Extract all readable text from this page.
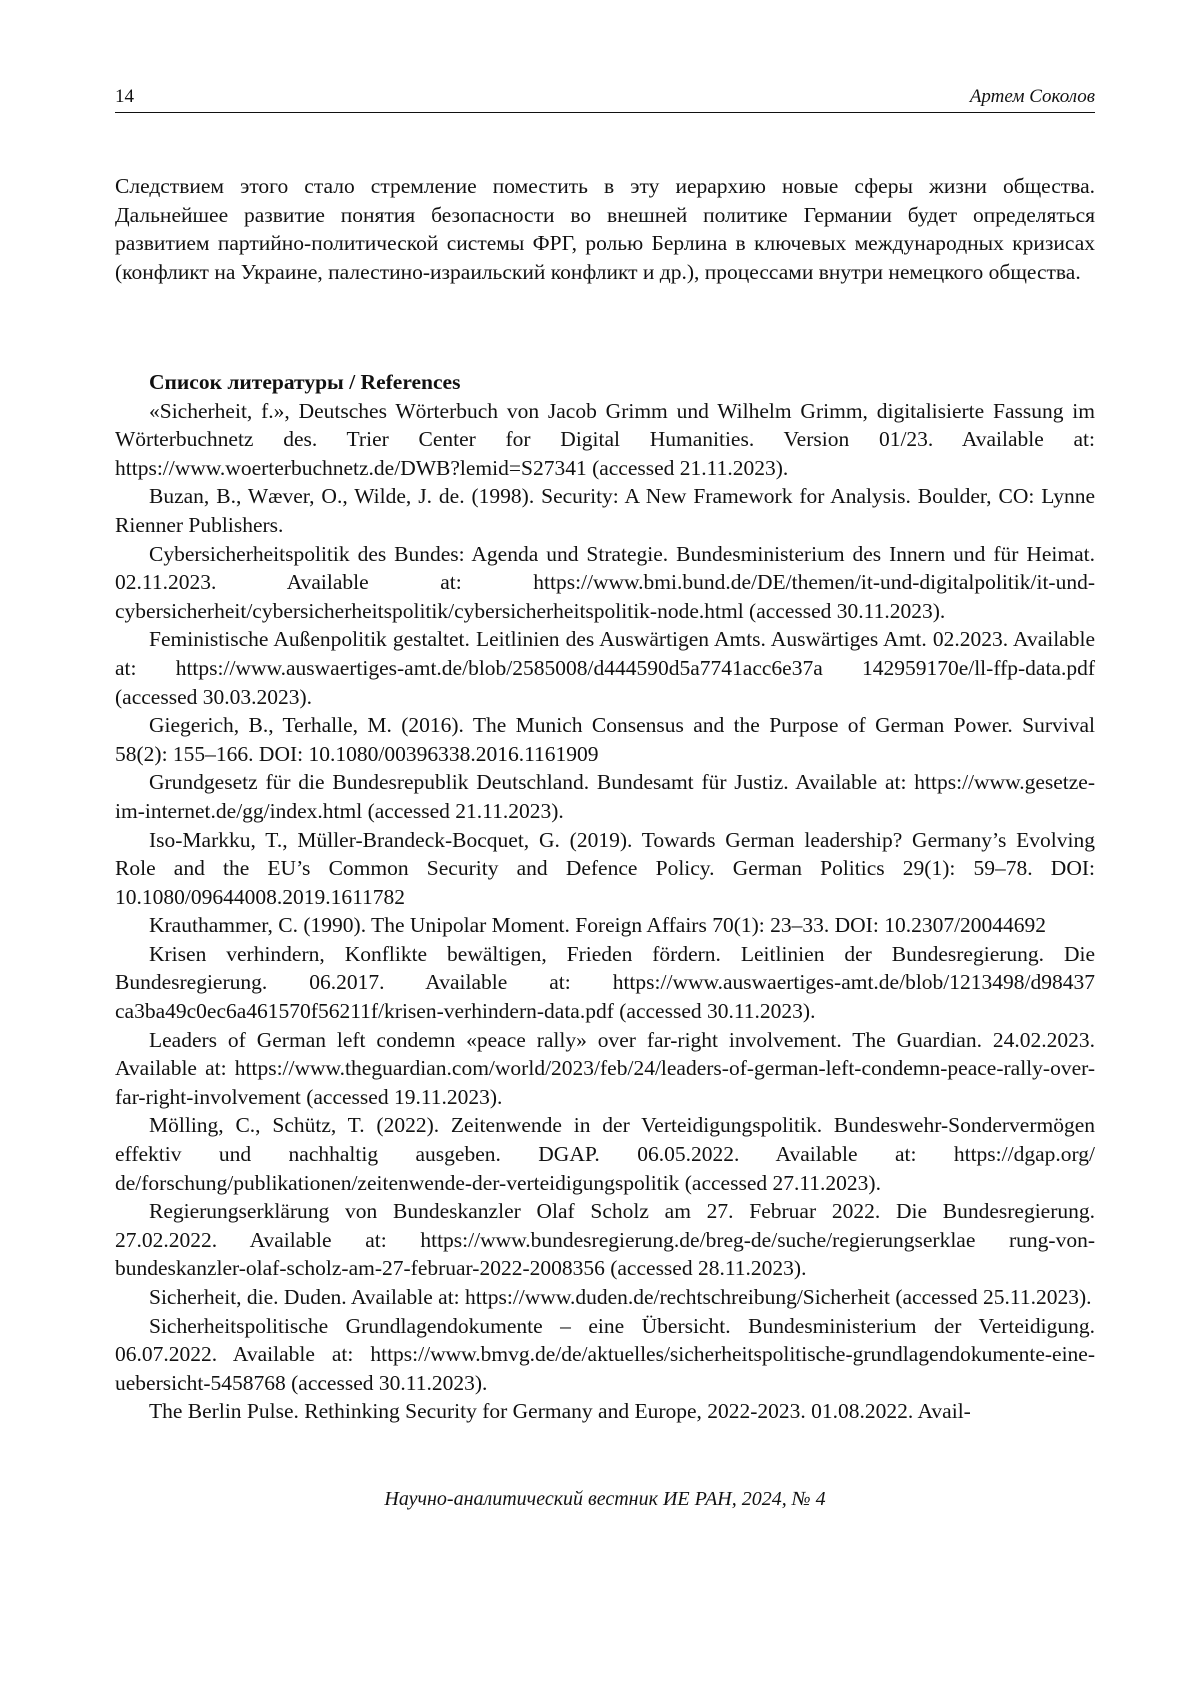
14	Артем Соколов

Следствием этого стало стремление поместить в эту иерархию новые сферы жизни общества. Дальнейшее развитие понятия безопасности во внешней политике Германии будет определяться развитием партийно-политической системы ФРГ, ролью Берлина в ключевых международных кризисах (конфликт на Украине, палестино-израильский конфликт и др.), процессами внутри немецкого общества.

Список литературы / References

«Sicherheit, f.», Deutsches Wörterbuch von Jacob Grimm und Wilhelm Grimm, digitalisierte Fassung im Wörterbuchnetz des. Trier Center for Digital Humanities. Version 01/23. Available at: https://www.woerterbuchnetz.de/DWB?lemid=S27341 (accessed 21.11.2023).
Buzan, B., Wæver, O., Wilde, J. de. (1998). Security: A New Framework for Analysis. Boulder, CO: Lynne Rienner Publishers.
Cybersicherheitspolitik des Bundes: Agenda und Strategie. Bundesministerium des Innern und für Heimat. 02.11.2023. Available at: https://www.bmi.bund.de/DE/themen/it-und-digitalpolitik/it-und-cybersicherheit/cybersicherheitspolitik/cybersicherheitspolitik-node.html (accessed 30.11.2023).
Feministische Außenpolitik gestaltet. Leitlinien des Auswärtigen Amts. Auswärtiges Amt. 02.2023. Available at: https://www.auswaertiges-amt.de/blob/2585008/d444590d5a7741acc6e37a 142959170e/ll-ffp-data.pdf (accessed 30.03.2023).
Giegerich, B., Terhalle, M. (2016). The Munich Consensus and the Purpose of German Power. Survival 58(2): 155–166. DOI: 10.1080/00396338.2016.1161909
Grundgesetz für die Bundesrepublik Deutschland. Bundesamt für Justiz. Available at: https://www.gesetze-im-internet.de/gg/index.html (accessed 21.11.2023).
Iso-Markku, T., Müller-Brandeck-Bocquet, G. (2019). Towards German leadership? Germany’s Evolving Role and the EU’s Common Security and Defence Policy. German Politics 29(1): 59–78. DOI: 10.1080/09644008.2019.1611782
Krauthammer, C. (1990). The Unipolar Moment. Foreign Affairs 70(1): 23–33. DOI: 10.2307/20044692
Krisen verhindern, Konflikte bewältigen, Frieden fördern. Leitlinien der Bundesregierung. Die Bundesregierung. 06.2017. Available at: https://www.auswaertiges-amt.de/blob/1213498/d98437 ca3ba49c0ec6a461570f56211f/krisen-verhindern-data.pdf (accessed 30.11.2023).
Leaders of German left condemn «peace rally» over far-right involvement. The Guardian. 24.02.2023. Available at: https://www.theguardian.com/world/2023/feb/24/leaders-of-german-left-condemn-peace-rally-over-far-right-involvement (accessed 19.11.2023).
Mölling, C., Schütz, T. (2022). Zeitenwende in der Verteidigungspolitik. Bundeswehr-Sondervermögen effektiv und nachhaltig ausgeben. DGAP. 06.05.2022. Available at: https://dgap.org/ de/forschung/publikationen/zeitenwende-der-verteidigungspolitik (accessed 27.11.2023).
Regierungserklärung von Bundeskanzler Olaf Scholz am 27. Februar 2022. Die Bundesregierung. 27.02.2022. Available at: https://www.bundesregierung.de/breg-de/suche/regierungserklae rung-von-bundeskanzler-olaf-scholz-am-27-februar-2022-2008356 (accessed 28.11.2023).
Sicherheit, die. Duden. Available at: https://www.duden.de/rechtschreibung/Sicherheit (accessed 25.11.2023).
Sicherheitspolitische Grundlagendokumente – eine Übersicht. Bundesministerium der Verteidigung. 06.07.2022. Available at: https://www.bmvg.de/de/aktuelles/sicherheitspolitische-grundlagendokumente-eine-uebersicht-5458768 (accessed 30.11.2023).
The Berlin Pulse. Rethinking Security for Germany and Europe, 2022-2023. 01.08.2022. Avail-
Научно-аналитический вестник ИЕ РАН, 2024, № 4
